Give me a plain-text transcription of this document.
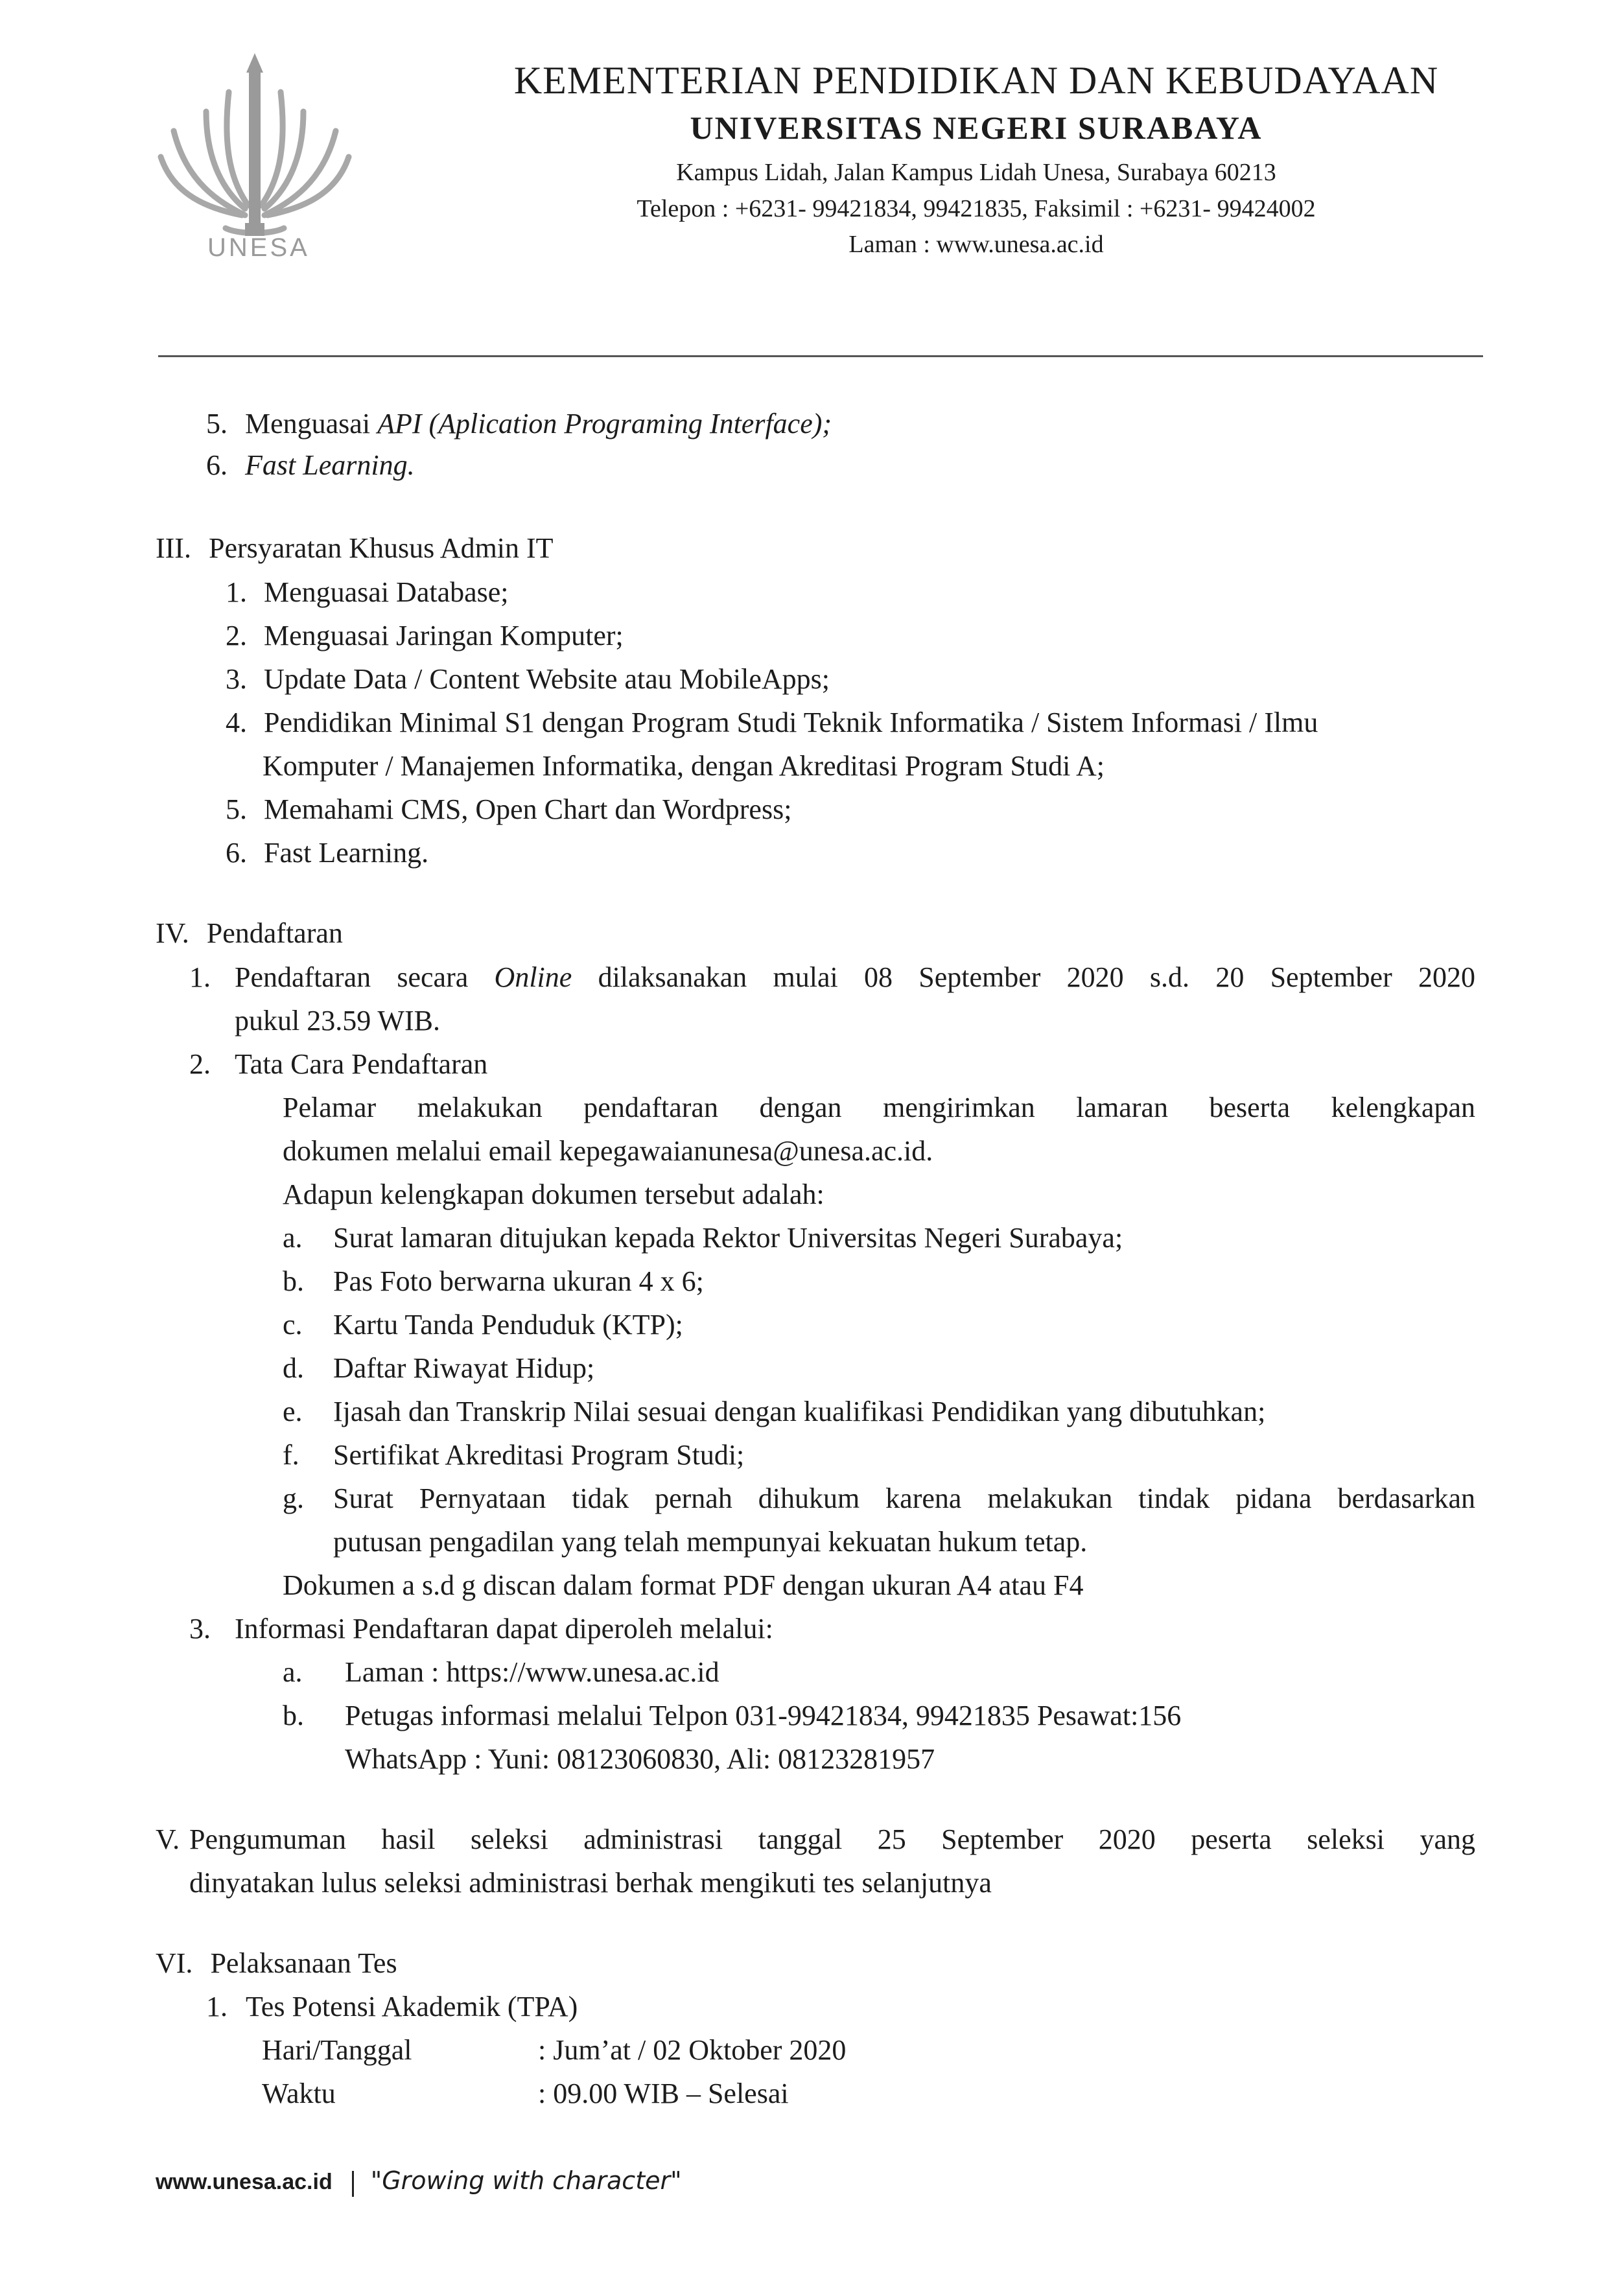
UNESA
KEMENTERIAN PENDIDIKAN DAN KEBUDAYAAN
UNIVERSITAS NEGERI SURABAYA
Kampus Lidah, Jalan Kampus Lidah Unesa, Surabaya 60213
Telepon : +6231- 99421834, 99421835, Faksimil : +6231- 99424002
Laman : www.unesa.ac.id
5. Menguasai API (Aplication Programing Interface);
6. Fast Learning.
III. Persyaratan Khusus Admin IT
1. Menguasai Database;
2. Menguasai Jaringan Komputer;
3. Update Data / Content Website atau MobileApps;
4. Pendidikan Minimal S1 dengan Program Studi Teknik Informatika / Sistem Informasi / Ilmu
Komputer / Manajemen Informatika, dengan Akreditasi Program Studi A;
5. Memahami CMS, Open Chart dan Wordpress;
6. Fast Learning.
IV. Pendaftaran
1. Pendaftaran secara Online dilaksanakan mulai 08 September 2020 s.d. 20 September 2020
pukul 23.59 WIB.
2. Tata Cara Pendaftaran
Pelamar melakukan pendaftaran dengan mengirimkan lamaran beserta kelengkapan
dokumen melalui email kepegawaianunesa@unesa.ac.id.
Adapun kelengkapan dokumen tersebut adalah:
a. Surat lamaran ditujukan kepada Rektor Universitas Negeri Surabaya;
b. Pas Foto berwarna ukuran 4 x 6;
c. Kartu Tanda Penduduk (KTP);
d. Daftar Riwayat Hidup;
e. Ijasah dan Transkrip Nilai sesuai dengan kualifikasi Pendidikan yang dibutuhkan;
f. Sertifikat Akreditasi Program Studi;
g. Surat Pernyataan tidak pernah dihukum karena melakukan tindak pidana berdasarkan
putusan pengadilan yang telah mempunyai kekuatan hukum tetap.
Dokumen a s.d g discan dalam format PDF dengan ukuran A4 atau F4
3. Informasi Pendaftaran dapat diperoleh melalui:
a. Laman : https://www.unesa.ac.id
b. Petugas informasi melalui Telpon 031-99421834, 99421835 Pesawat:156
WhatsApp : Yuni: 08123060830, Ali: 08123281957
V. Pengumuman hasil seleksi administrasi tanggal 25 September 2020 peserta seleksi yang
dinyatakan lulus seleksi administrasi berhak mengikuti tes selanjutnya
VI. Pelaksanaan Tes
1. Tes Potensi Akademik (TPA)
Hari/Tanggal	: Jum’at / 02 Oktober 2020
Waktu	: 09.00 WIB – Selesai
www.unesa.ac.id "Growing with character"
